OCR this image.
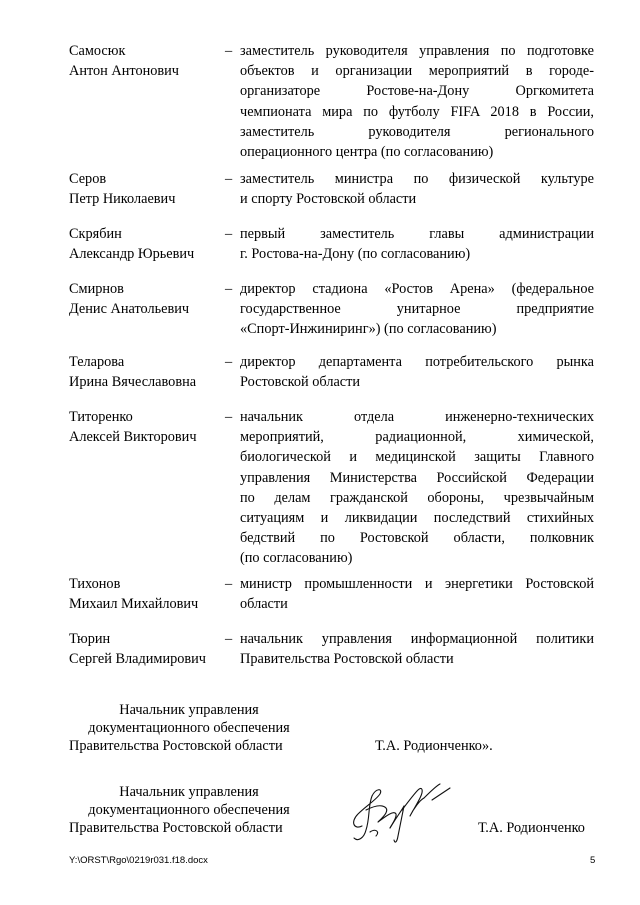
Самосюк
Антон Антонович
– заместитель руководителя управления по подготовке
объектов и организации мероприятий в городе-
организаторе Ростове-на-Дону Оргкомитета
чемпионата мира по футболу FIFA 2018 в России,
заместитель руководителя регионального
операционного центра (по согласованию)
Серов
Петр Николаевич
– заместитель министра по физической культуре
и спорту Ростовской области
Скрябин
Александр Юрьевич
– первый заместитель главы администрации
г. Ростова-на-Дону (по согласованию)
Смирнов
Денис Анатольевич
– директор стадиона «Ростов Арена» (федеральное
государственное унитарное предприятие
«Спорт-Инжиниринг») (по согласованию)
Теларова
Ирина Вячеславовна
– директор департамента потребительского рынка
Ростовской области
Титоренко
Алексей Викторович
– начальник отдела инженерно-технических
мероприятий, радиационной, химической,
биологической и медицинской защиты Главного
управления Министерства Российской Федерации
по делам гражданской обороны, чрезвычайным
ситуациям и ликвидации последствий стихийных
бедствий по Ростовской области, полковник
(по согласованию)
Тихонов
Михаил Михайлович
– министр промышленности и энергетики Ростовской
области
Тюрин
Сергей Владимирович
– начальник управления информационной политики
Правительства Ростовской области
Начальник управления
документационного обеспечения
Правительства Ростовской области	Т.А. Родионченко».
Начальник управления
документационного обеспечения
Правительства Ростовской области	Т.А. Родионченко
Y:\ORST\Rgo\0219r031.f18.docx	5
